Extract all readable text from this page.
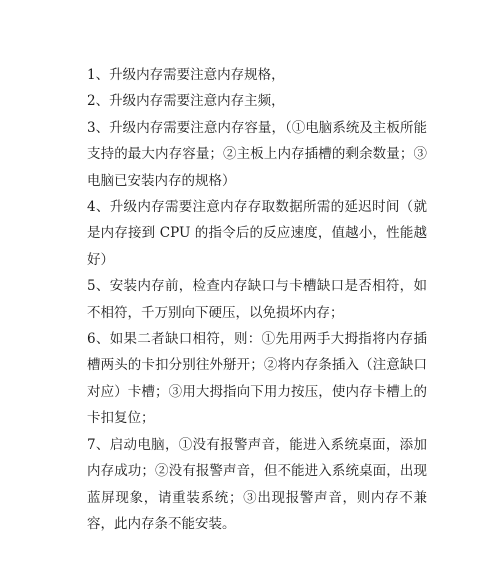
1、升级内存需要注意内存规格，

2、升级内存需要注意内存主频，

3、升级内存需要注意内存容量，（①电脑系统及主板所能支持的最大内存容量；②主板上内存插槽的剩余数量；③电脑已安装内存的规格）

4、升级内存需要注意内存存取数据所需的延迟时间（就是内存接到 CPU 的指令后的反应速度，值越小，性能越好）

5、安装内存前，检查内存缺口与卡槽缺口是否相符，如不相符，千万别向下硬压，以免损坏内存；

6、如果二者缺口相符，则：①先用两手大拇指将内存插槽两头的卡扣分别往外掰开；②将内存条插入（注意缺口对应）卡槽；③用大拇指向下用力按压，使内存卡槽上的卡扣复位；

7、启动电脑，①没有报警声音，能进入系统桌面，添加内存成功；②没有报警声音，但不能进入系统桌面，出现蓝屏现象，请重装系统；③出现报警声音，则内存不兼容，此内存条不能安装。
